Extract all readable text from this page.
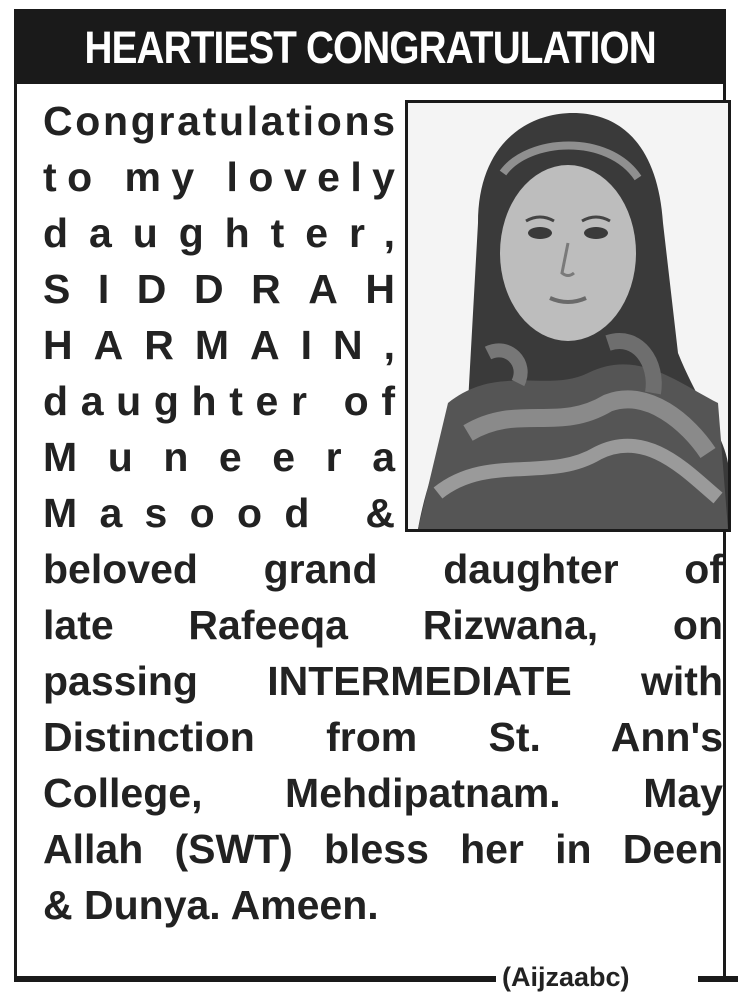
HEARTIEST CONGRATULATION
Congratulations
to my lovely
daughter,
SIDDRAH
HARMAIN,
daughter of
Muneera
Masood &
beloved grand daughter of
late Rafeeqa Rizwana, on
passing INTERMEDIATE with
Distinction from St. Ann's
College, Mehdipatnam. May
Allah (SWT) bless her in Deen
& Dunya. Ameen.
(Aijzaabc)
